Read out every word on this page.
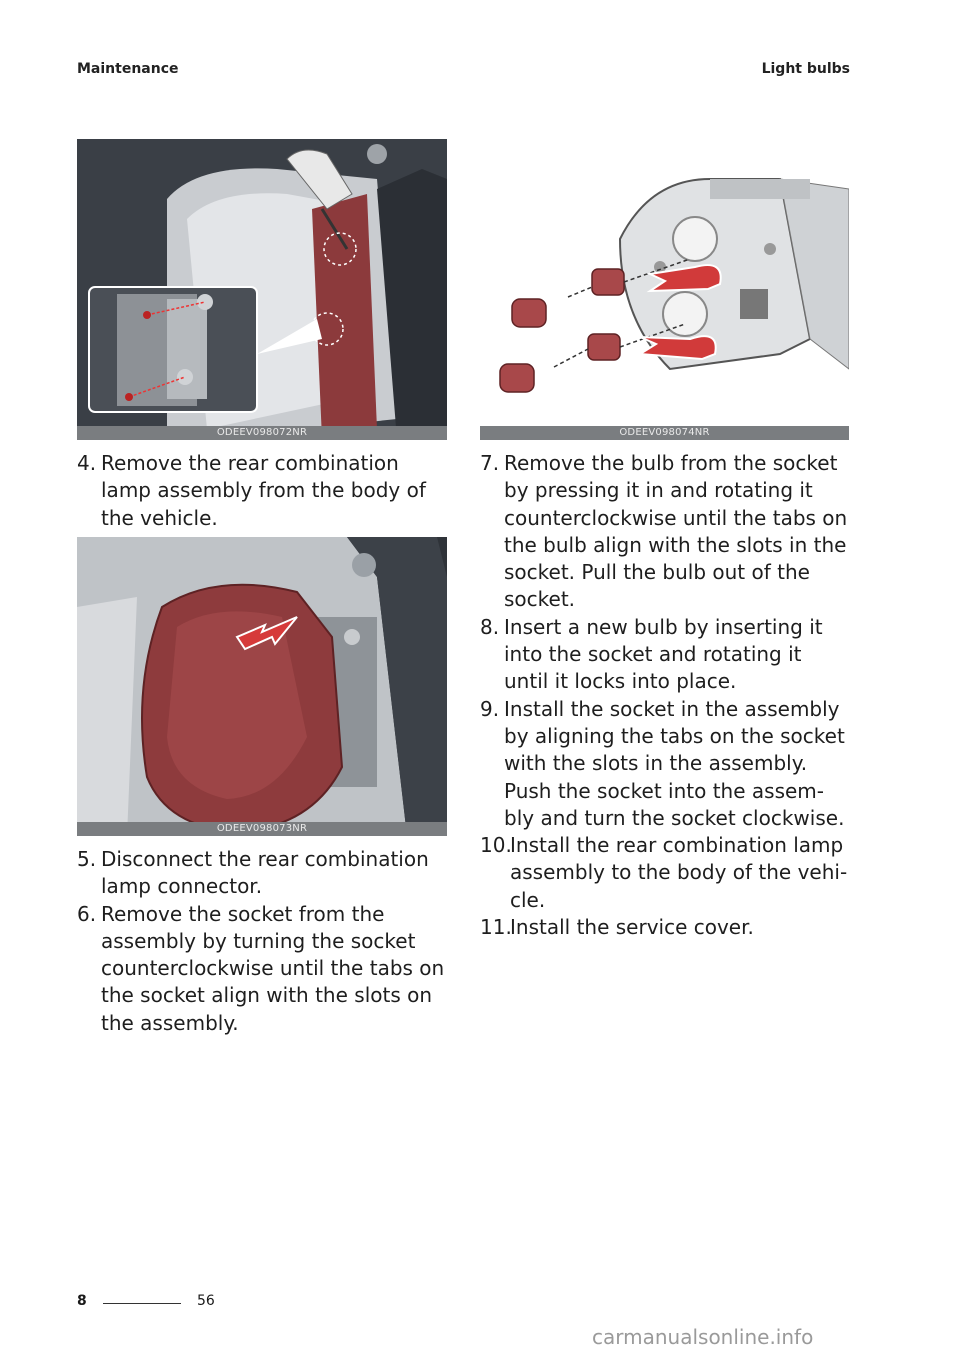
Maintenance	Light bulbs
ODEEV098072NR
ODEEV098073NR
ODEEV098074NR
4. Remove the rear combination lamp assembly from the body of the vehicle.
5. Disconnect the rear combination lamp connector.
6. Remove the socket from the assembly by turning the socket counterclockwise until the tabs on the socket align with the slots on the assembly.
7. Remove the bulb from the socket by pressing it in and rotating it counterclockwise until the tabs on the bulb align with the slots in the socket. Pull the bulb out of the socket.
8. Insert a new bulb by inserting it into the socket and rotating it until it locks into place.
9. Install the socket in the assembly by aligning the tabs on the socket with the slots in the assembly. Push the socket into the assem-bly and turn the socket clockwise.
10.
Install the rear combination lamp assembly to the body of the vehi-cle.
11.
Install the service cover.
8	56
carmanualsonline.info
